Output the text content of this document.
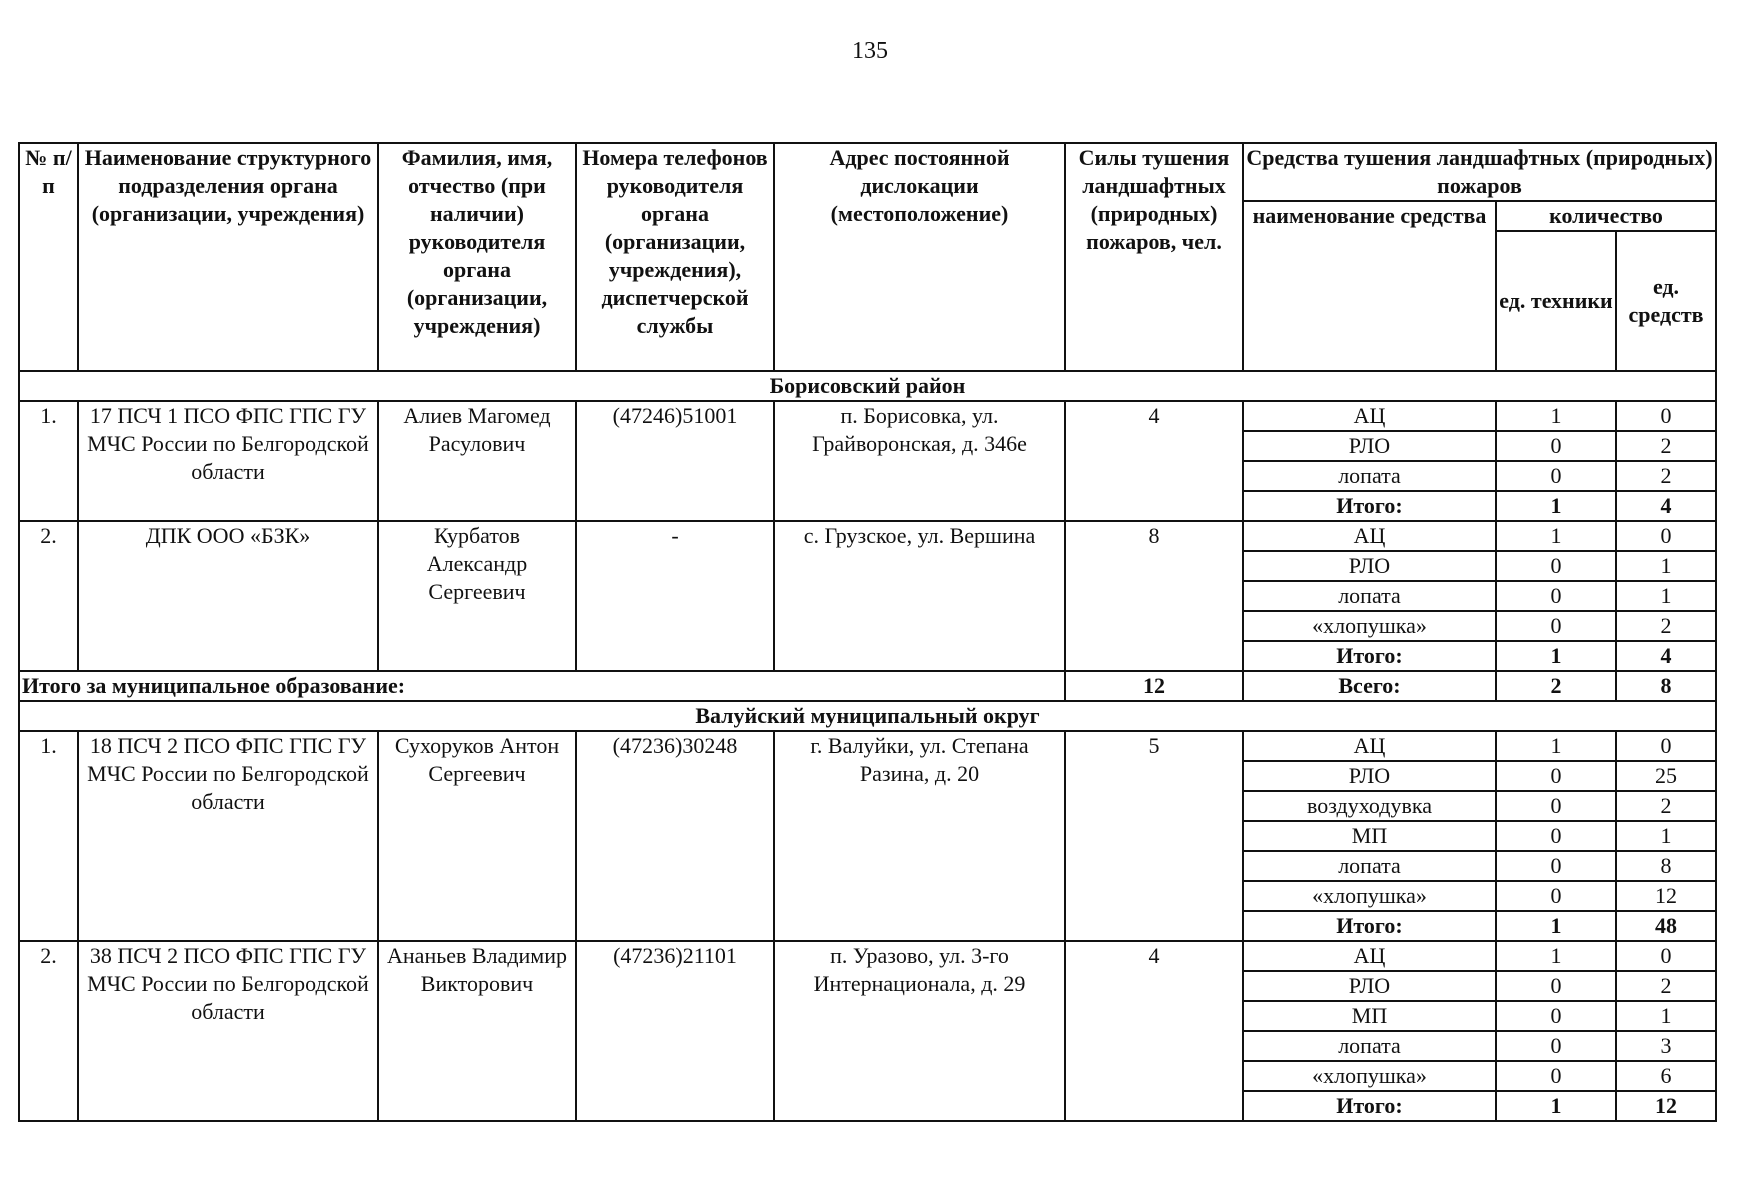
135
№ п/п	Наименование структурного подразделения органа (организации, учреждения)	Фамилия, имя, отчество (при наличии) руководителя органа (организации, учреждения)	Номера телефонов руководителя органа (организации, учреждения), диспетчерской службы	Адрес постоянной дислокации (местоположение)	Силы тушения ландшафтных (природных) пожаров, чел.	Средства тушения ландшафтных (природных) пожаров		
						наименование средства	количество	
							ед. техники	ед. средств
Борисовский район								
1.	17 ПСЧ 1 ПСО ФПС ГПС ГУ МЧС России по Белгородской области	Алиев Магомед Расулович	(47246)51001	п. Борисовка, ул. Грайворонская, д. 346е	4	АЦ	1	0
						РЛО	0	2
						лопата	0	2
						Итого:	1	4
2.	ДПК ООО «БЗК»	Курбатов Александр Сергеевич	-	с. Грузское, ул. Вершина	8	АЦ	1	0
						РЛО	0	1
						лопата	0	1
						«хлопушка»	0	2
						Итого:	1	4
Итого за муниципальное образование:					12	Всего:	2	8
Валуйский муниципальный округ								
1.	18 ПСЧ 2 ПСО ФПС ГПС ГУ МЧС России по Белгородской области	Сухоруков Антон Сергеевич	(47236)30248	г. Валуйки, ул. Степана Разина, д. 20	5	АЦ	1	0
						РЛО	0	25
						воздуходувка	0	2
						МП	0	1
						лопата	0	8
						«хлопушка»	0	12
						Итого:	1	48
2.	38 ПСЧ 2 ПСО ФПС ГПС ГУ МЧС России по Белгородской области	Ананьев Владимир Викторович	(47236)21101	п. Уразово, ул. 3-го Интернационала, д. 29	4	АЦ	1	0
						РЛО	0	2
						МП	0	1
						лопата	0	3
						«хлопушка»	0	6
						Итого:	1	12
